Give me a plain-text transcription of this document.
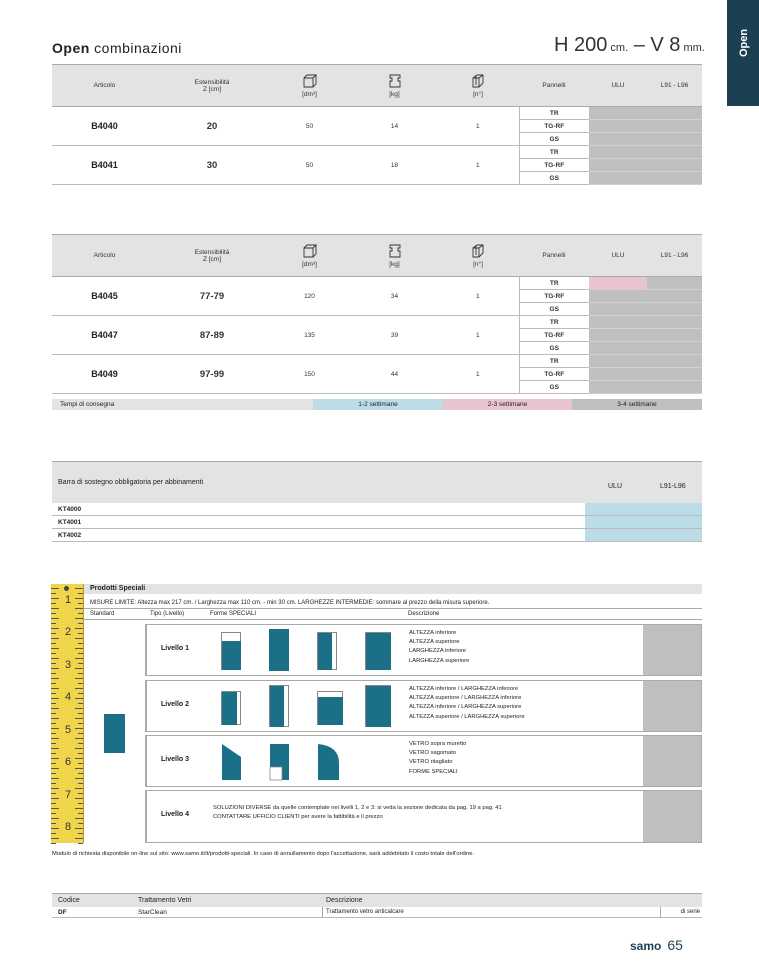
Open
Open combinazioni	H 200 cm. – V 8 mm.
Articolo	Estensibilità
Z [cm]	[dm³]	[kg]	[n°]	Pannelli	ULU	L91 - L96
B4040	20	50	14	1	TR		
					TG-RF		
					GS		
B4041	30	50	18	1	TR		
					TG-RF		
					GS		
Articolo	Estensibilità
Z [cm]	[dm³]	[kg]	[n°]	Pannelli	ULU	L91 - L96
B4045	77-79	120	34	1	TR		
					TG-RF		
					GS		
B4047	87-89	135	39	1	TR		
					TG-RF		
					GS		
B4049	97-99	150	44	1	TR		
					TG-RF		
					GS		
Tempi di consegna	1-2 settimane	2-3 settimane	3-4 settimane
Barra di sostegno obbligatoria per abbinamenti
ULU	L91-L96
KT4000
KT4001
KT4002
1
2
3
4
5
6
7
8
Prodotti Speciali
MISURE LIMITE: Altezza max 217 cm. / Larghezza max 110 cm. - min 30 cm. LARGHEZZE INTERMEDIE: sommare al prezzo della misura superiore.
Standard	Tipo (Livello)	Forme SPECIALI	Descrizione
Livello 1
ALTEZZA inferiore
ALTEZZA superiore
LARGHEZZA inferiore
LARGHEZZA superiore
Livello 2
ALTEZZA inferiore / LARGHEZZA inferiore
ALTEZZA superiore / LARGHEZZA inferiore
ALTEZZA inferiore / LARGHEZZA superiore
ALTEZZA superiore / LARGHEZZA superiore
Livello 3
VETRO sopra muretto
VETRO sagomato
VETRO ritagliato
FORME SPECIALI
Livello 4
SOLUZIONI DIVERSE da quelle contemplate nei livelli 1, 2 e 3: si veda la sezione dedicata da pag. 19 a pag. 41
CONTATTARE UFFICIO CLIENTI per avere la fattibilità e il prezzo
Modulo di richiesta disponibile on-line sul sito: www.samo.it/it/prodotti-speciali. In caso di annullamento dopo l'accettazione, sarà addebitato il costo totale dell'ordine.
Codice	Trattamento Vetri	Descrizione
DF	StarClean	Trattamento vetro anticalcare	di serie
samo 65
